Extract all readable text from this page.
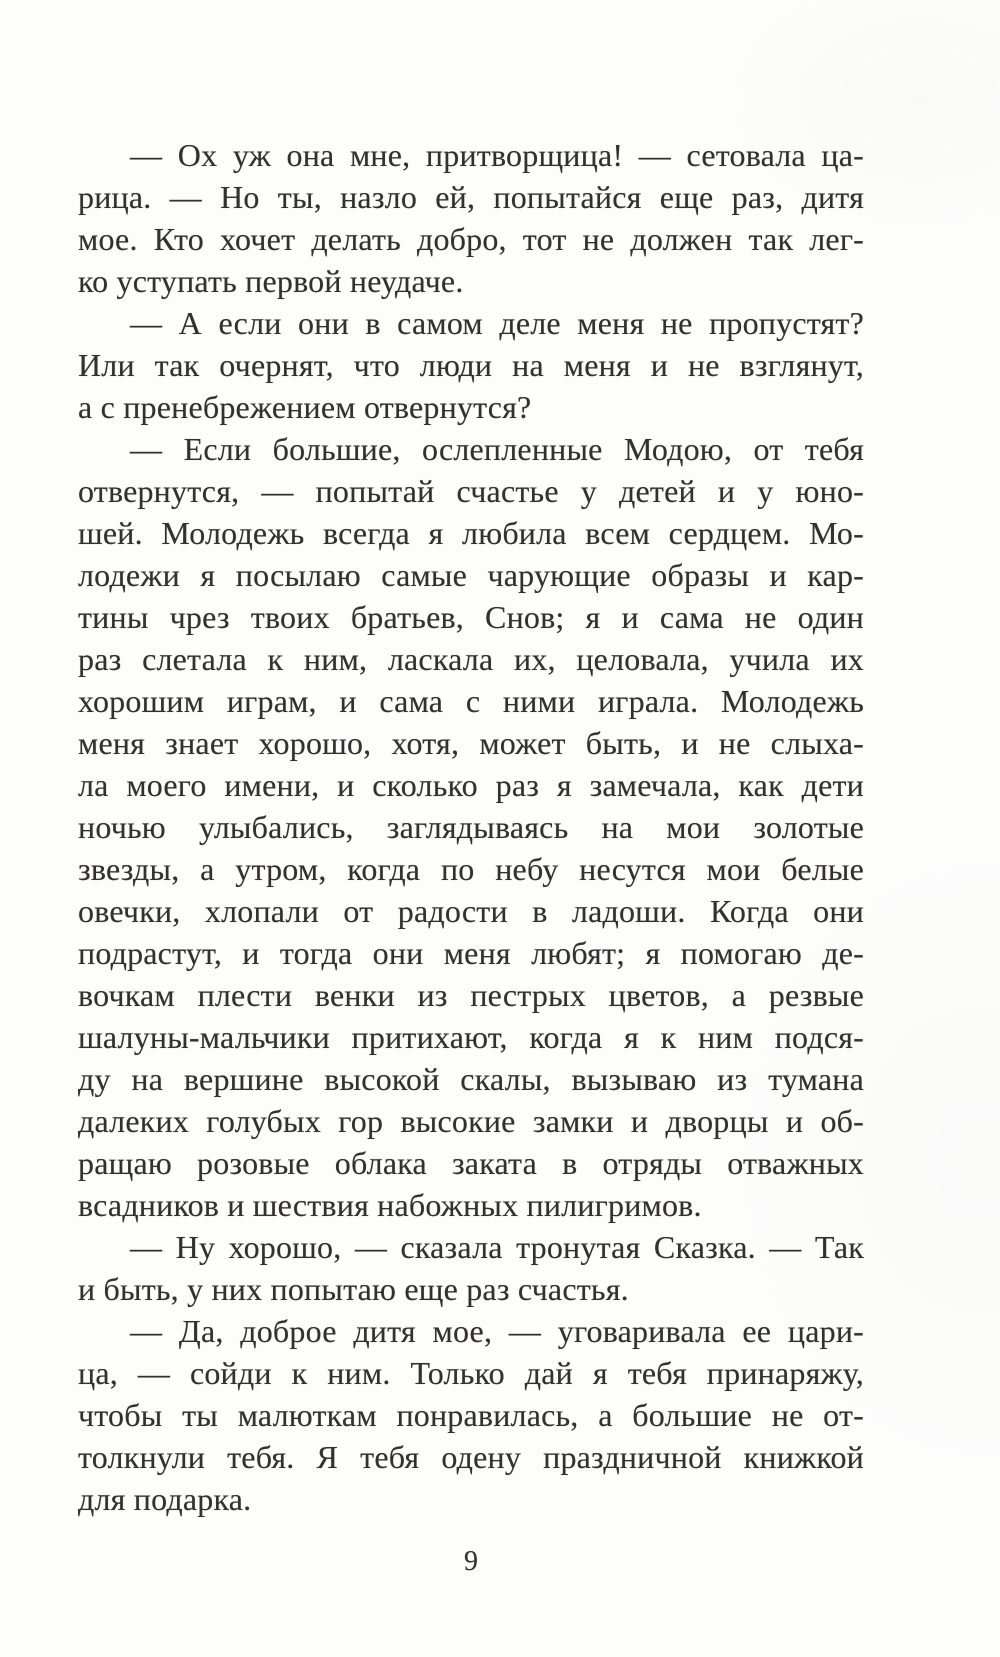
— Ох уж она мне, притворщица! — сетовала ца-
рица. — Но ты, назло ей, попытайся еще раз, дитя
мое. Кто хочет делать добро, тот не должен так лег-
ко уступать первой неудаче.
— А если они в самом деле меня не пропустят?
Или так очернят, что люди на меня и не взглянут,
а с пренебрежением отвернутся?
— Если большие, ослепленные Модою, от тебя
отвернутся, — попытай счастье у детей и у юно-
шей. Молодежь всегда я любила всем сердцем. Мо-
лодежи я посылаю самые чарующие образы и кар-
тины чрез твоих братьев, Снов; я и сама не один
раз слетала к ним, ласкала их, целовала, учила их
хорошим играм, и сама с ними играла. Молодежь
меня знает хорошо, хотя, может быть, и не слыха-
ла моего имени, и сколько раз я замечала, как дети
ночью улыбались, заглядываясь на мои золотые
звезды, а утром, когда по небу несутся мои белые
овечки, хлопали от радости в ладоши. Когда они
подрастут, и тогда они меня любят; я помогаю де-
вочкам плести венки из пестрых цветов, а резвые
шалуны-мальчики притихают, когда я к ним подся-
ду на вершине высокой скалы, вызываю из тумана
далеких голубых гор высокие замки и дворцы и об-
ращаю розовые облака заката в отряды отважных
всадников и шествия набожных пилигримов.
— Ну хорошо, — сказала тронутая Сказка. — Так
и быть, у них попытаю еще раз счастья.
— Да, доброе дитя мое, — уговаривала ее цари-
ца, — сойди к ним. Только дай я тебя принаряжу,
чтобы ты малюткам понравилась, а большие не от-
толкнули тебя. Я тебя одену праздничной книжкой
для подарка.
9
